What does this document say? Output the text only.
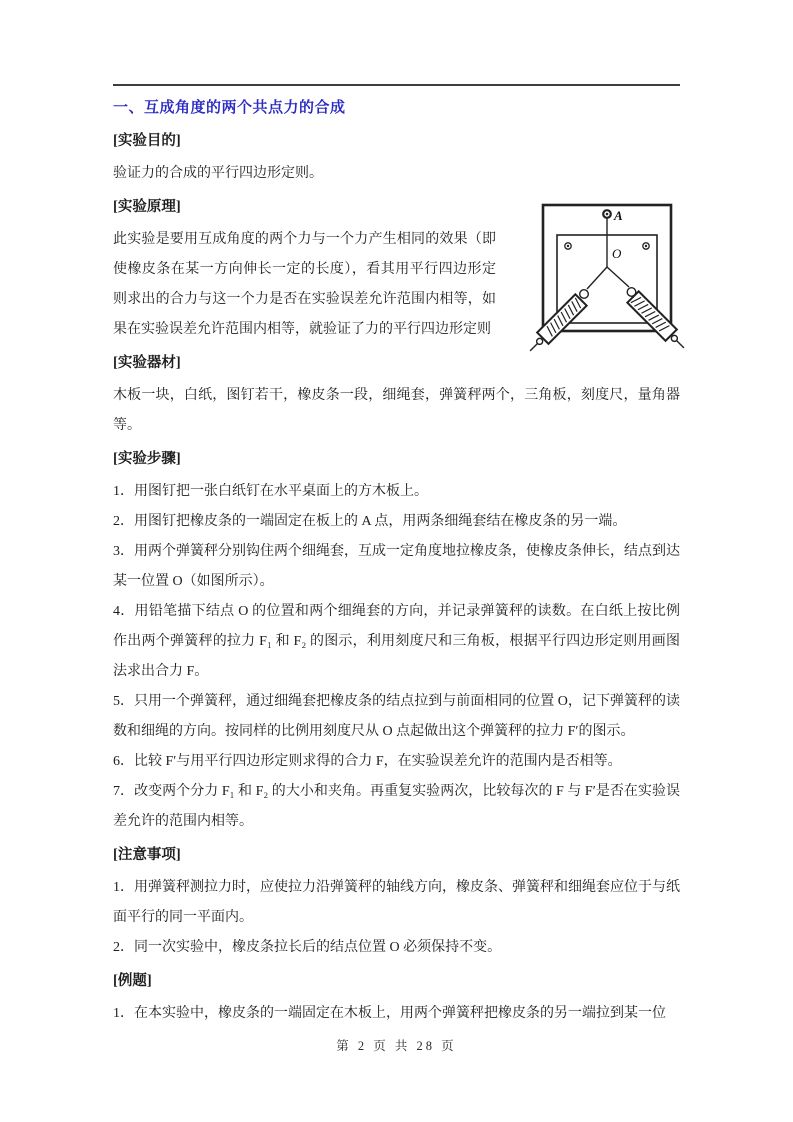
一、互成角度的两个共点力的合成

[实验目的]

验证力的合成的平行四边形定则。

A
O

[实验原理]

此实验是要用互成角度的两个力与一个力产生相同的效果（即使橡皮条在某一方向伸长一定的长度），看其用平行四边形定则求出的合力与这一个力是否在实验误差允许范围内相等，如果在实验误差允许范围内相等，就验证了力的平行四边形定则

[实验器材]

木板一块，白纸，图钉若干，橡皮条一段，细绳套，弹簧秤两个，三角板，刻度尺，量角器等。

[实验步骤]

1．用图钉把一张白纸钉在水平桌面上的方木板上。

2．用图钉把橡皮条的一端固定在板上的 A 点，用两条细绳套结在橡皮条的另一端。

3．用两个弹簧秤分别钩住两个细绳套，互成一定角度地拉橡皮条，使橡皮条伸长，结点到达某一位置 O（如图所示）。

4．用铅笔描下结点 O 的位置和两个细绳套的方向，并记录弹簧秤的读数。在白纸上按比例作出两个弹簧秤的拉力 F₁ 和 F₂ 的图示，利用刻度尺和三角板，根据平行四边形定则用画图法求出合力 F。

5．只用一个弹簧秤，通过细绳套把橡皮条的结点拉到与前面相同的位置 O，记下弹簧秤的读数和细绳的方向。按同样的比例用刻度尺从 O 点起做出这个弹簧秤的拉力 F′的图示。

6．比较 F′与用平行四边形定则求得的合力 F，在实验误差允许的范围内是否相等。

7．改变两个分力 F₁ 和 F₂ 的大小和夹角。再重复实验两次，比较每次的 F 与 F′是否在实验误差允许的范围内相等。

[注意事项]

1．用弹簧秤测拉力时，应使拉力沿弹簧秤的轴线方向，橡皮条、弹簧秤和细绳套应位于与纸面平行的同一平面内。

2．同一次实验中，橡皮条拉长后的结点位置 O 必须保持不变。

[例题]

1．在本实验中，橡皮条的一端固定在木板上，用两个弹簧秤把橡皮条的另一端拉到某一位

第 2 页 共 28 页
